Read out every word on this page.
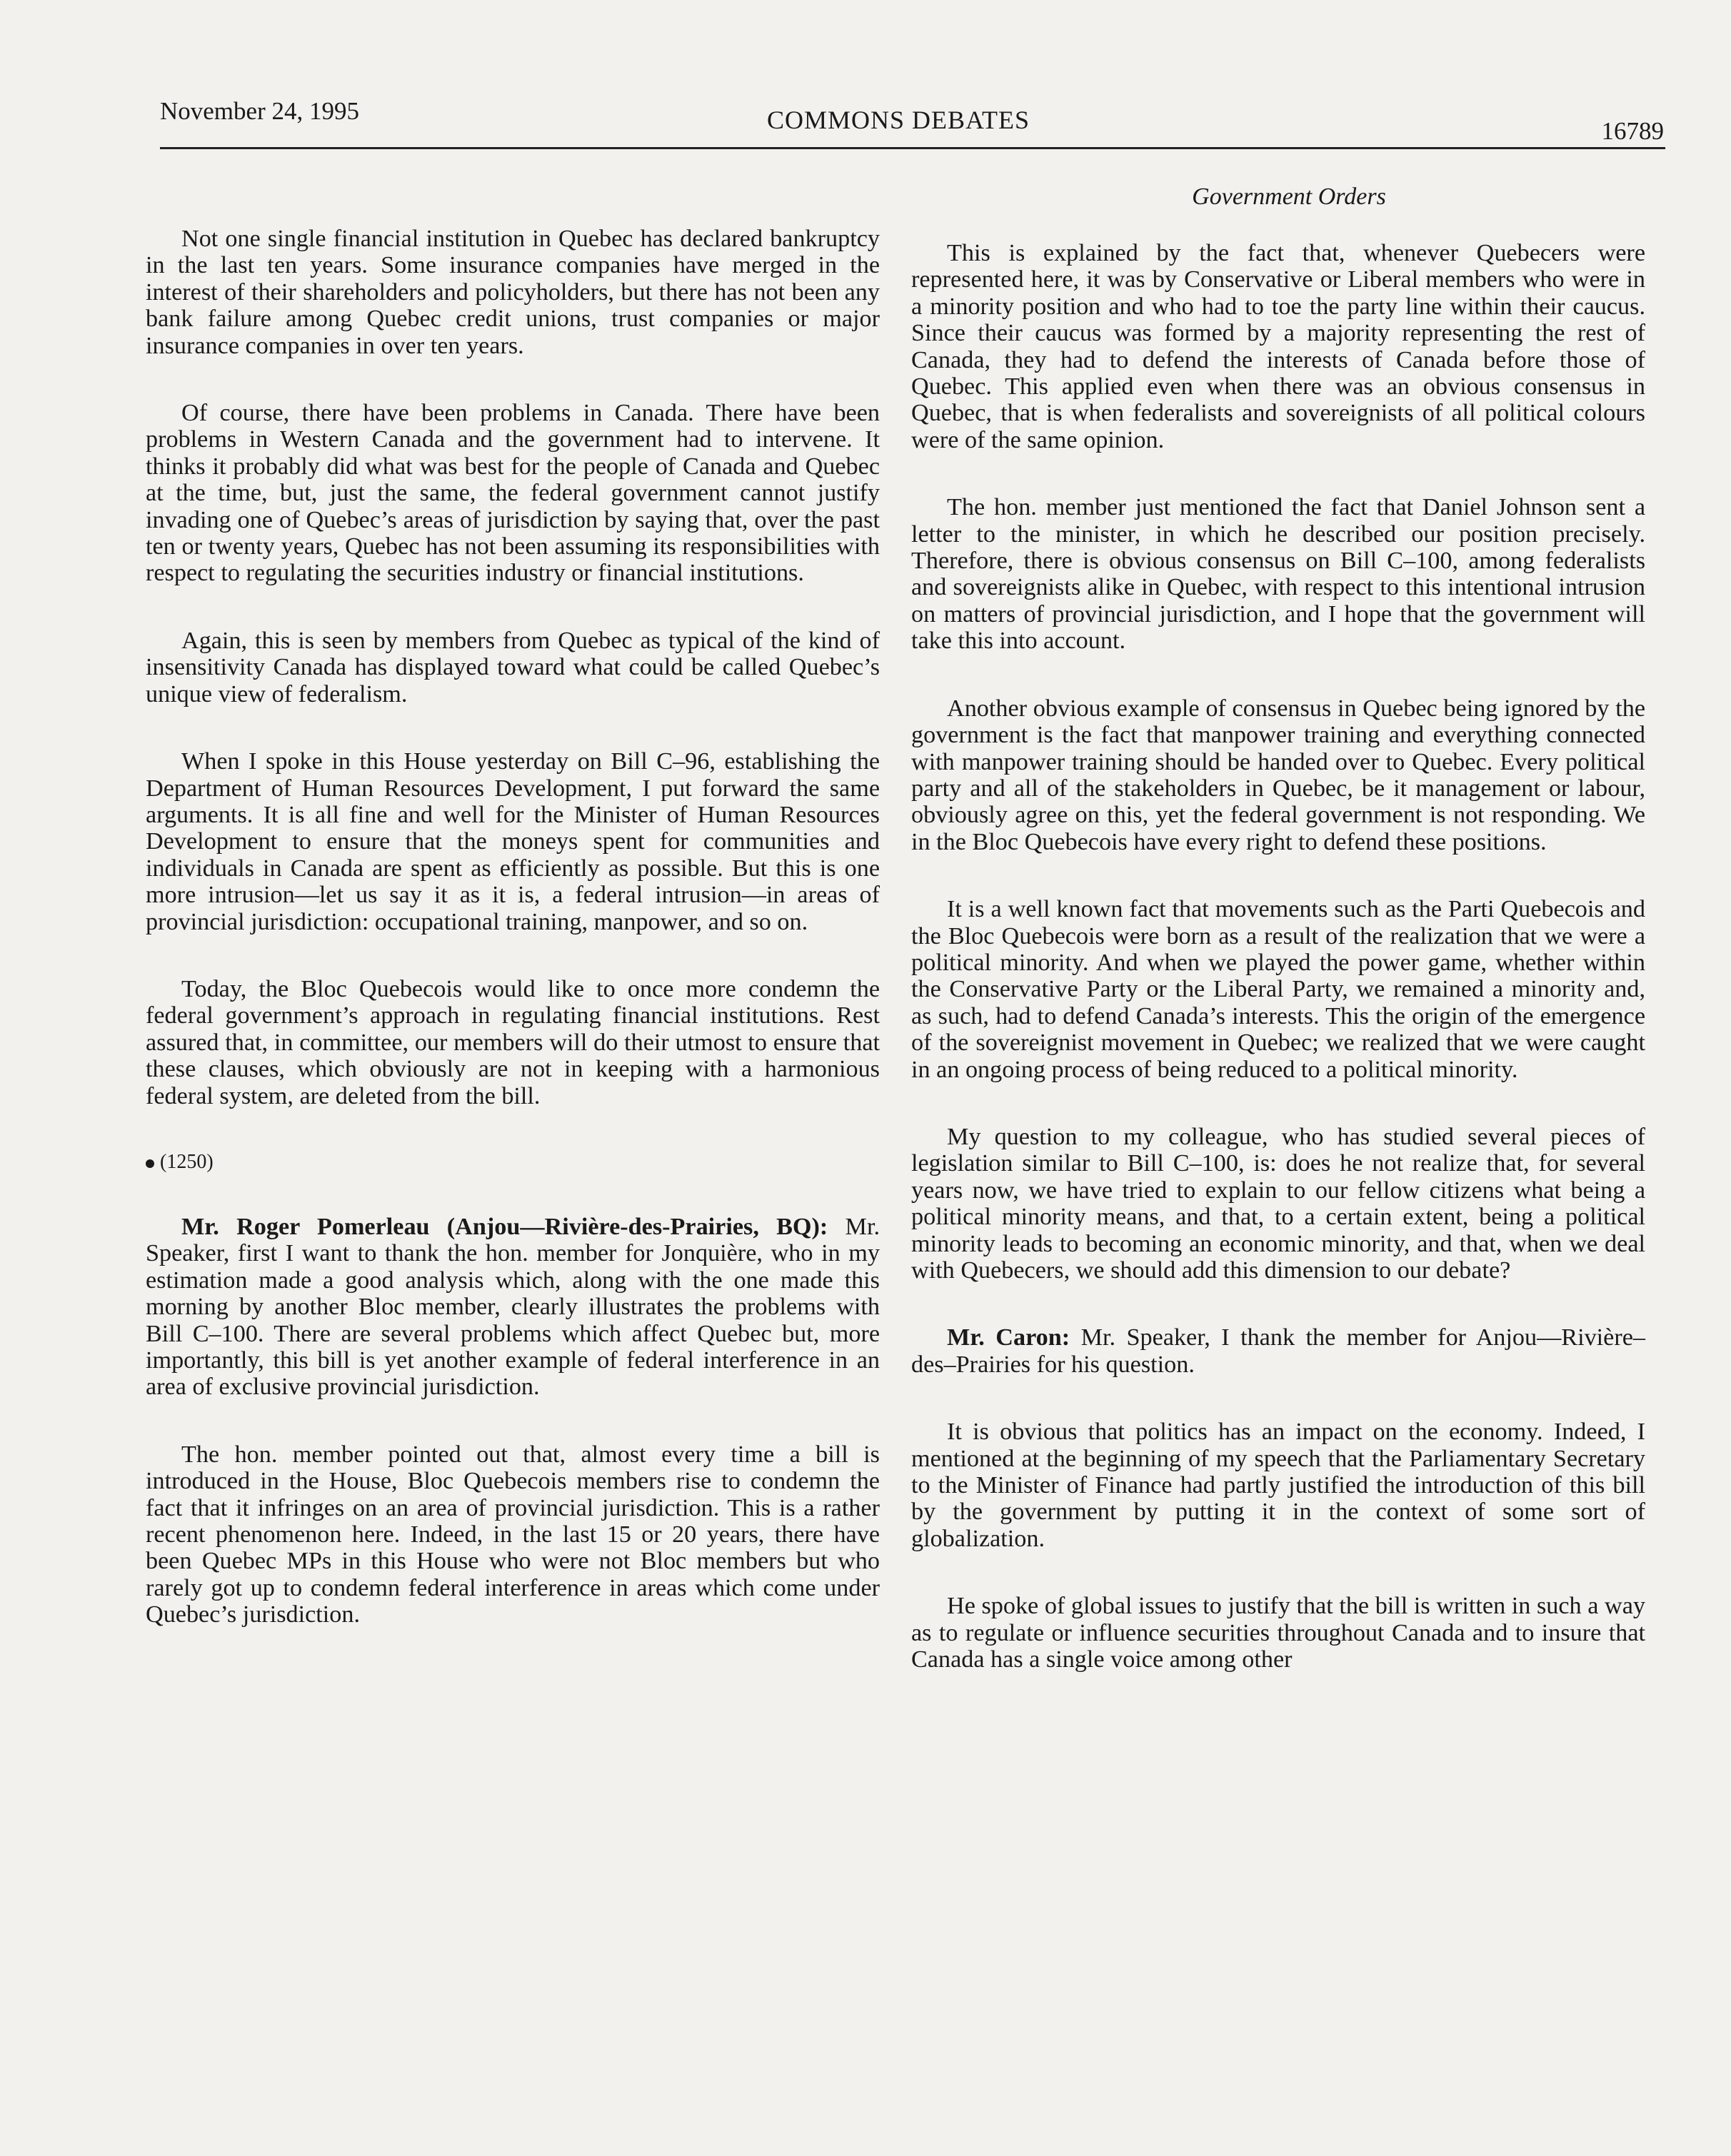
November 24, 1995	COMMONS DEBATES	16789
Government Orders

Not one single financial institution in Quebec has declared bankruptcy in the last ten years. Some insurance companies have merged in the interest of their shareholders and policyholders, but there has not been any bank failure among Quebec credit unions, trust companies or major insurance companies in over ten years.

Of course, there have been problems in Canada. There have been problems in Western Canada and the government had to intervene. It thinks it probably did what was best for the people of Canada and Quebec at the time, but, just the same, the federal government cannot justify invading one of Quebec’s areas of jurisdiction by saying that, over the past ten or twenty years, Quebec has not been assuming its responsibilities with respect to regulating the securities industry or financial institutions.

Again, this is seen by members from Quebec as typical of the kind of insensitivity Canada has displayed toward what could be called Quebec’s unique view of federalism.

When I spoke in this House yesterday on Bill C–96, establishing the Department of Human Resources Development, I put forward the same arguments. It is all fine and well for the Minister of Human Resources Development to ensure that the moneys spent for communities and individuals in Canada are spent as efficiently as possible. But this is one more intrusion—let us say it as it is, a federal intrusion—in areas of provincial jurisdiction: occupational training, manpower, and so on.

Today, the Bloc Quebecois would like to once more condemn the federal government’s approach in regulating financial institutions. Rest assured that, in committee, our members will do their utmost to ensure that these clauses, which obviously are not in keeping with a harmonious federal system, are deleted from the bill.

(1250)

Mr. Roger Pomerleau (Anjou—Rivière-des-Prairies, BQ): Mr. Speaker, first I want to thank the hon. member for Jonquière, who in my estimation made a good analysis which, along with the one made this morning by another Bloc member, clearly illustrates the problems with Bill C–100. There are several problems which affect Quebec but, more importantly, this bill is yet another example of federal interference in an area of exclusive provincial jurisdiction.

The hon. member pointed out that, almost every time a bill is introduced in the House, Bloc Quebecois members rise to condemn the fact that it infringes on an area of provincial jurisdiction. This is a rather recent phenomenon here. Indeed, in the last 15 or 20 years, there have been Quebec MPs in this House who were not Bloc members but who rarely got up to condemn federal interference in areas which come under Quebec’s jurisdiction.

This is explained by the fact that, whenever Quebecers were represented here, it was by Conservative or Liberal members who were in a minority position and who had to toe the party line within their caucus. Since their caucus was formed by a majority representing the rest of Canada, they had to defend the interests of Canada before those of Quebec. This applied even when there was an obvious consensus in Quebec, that is when federalists and sovereignists of all political colours were of the same opinion.

The hon. member just mentioned the fact that Daniel Johnson sent a letter to the minister, in which he described our position precisely. Therefore, there is obvious consensus on Bill C–100, among federalists and sovereignists alike in Quebec, with respect to this intentional intrusion on matters of provincial jurisdiction, and I hope that the government will take this into account.

Another obvious example of consensus in Quebec being ignored by the government is the fact that manpower training and everything connected with manpower training should be handed over to Quebec. Every political party and all of the stakeholders in Quebec, be it management or labour, obviously agree on this, yet the federal government is not responding. We in the Bloc Quebecois have every right to defend these positions.

It is a well known fact that movements such as the Parti Quebecois and the Bloc Quebecois were born as a result of the realization that we were a political minority. And when we played the power game, whether within the Conservative Party or the Liberal Party, we remained a minority and, as such, had to defend Canada’s interests. This the origin of the emergence of the sovereignist movement in Quebec; we realized that we were caught in an ongoing process of being reduced to a political minority.

My question to my colleague, who has studied several pieces of legislation similar to Bill C–100, is: does he not realize that, for several years now, we have tried to explain to our fellow citizens what being a political minority means, and that, to a certain extent, being a political minority leads to becoming an economic minority, and that, when we deal with Quebecers, we should add this dimension to our debate?

Mr. Caron: Mr. Speaker, I thank the member for Anjou—Rivière–des–Prairies for his question.

It is obvious that politics has an impact on the economy. Indeed, I mentioned at the beginning of my speech that the Parliamentary Secretary to the Minister of Finance had partly justified the introduction of this bill by the government by putting it in the context of some sort of globalization.

He spoke of global issues to justify that the bill is written in such a way as to regulate or influence securities throughout Canada and to insure that Canada has a single voice among other
